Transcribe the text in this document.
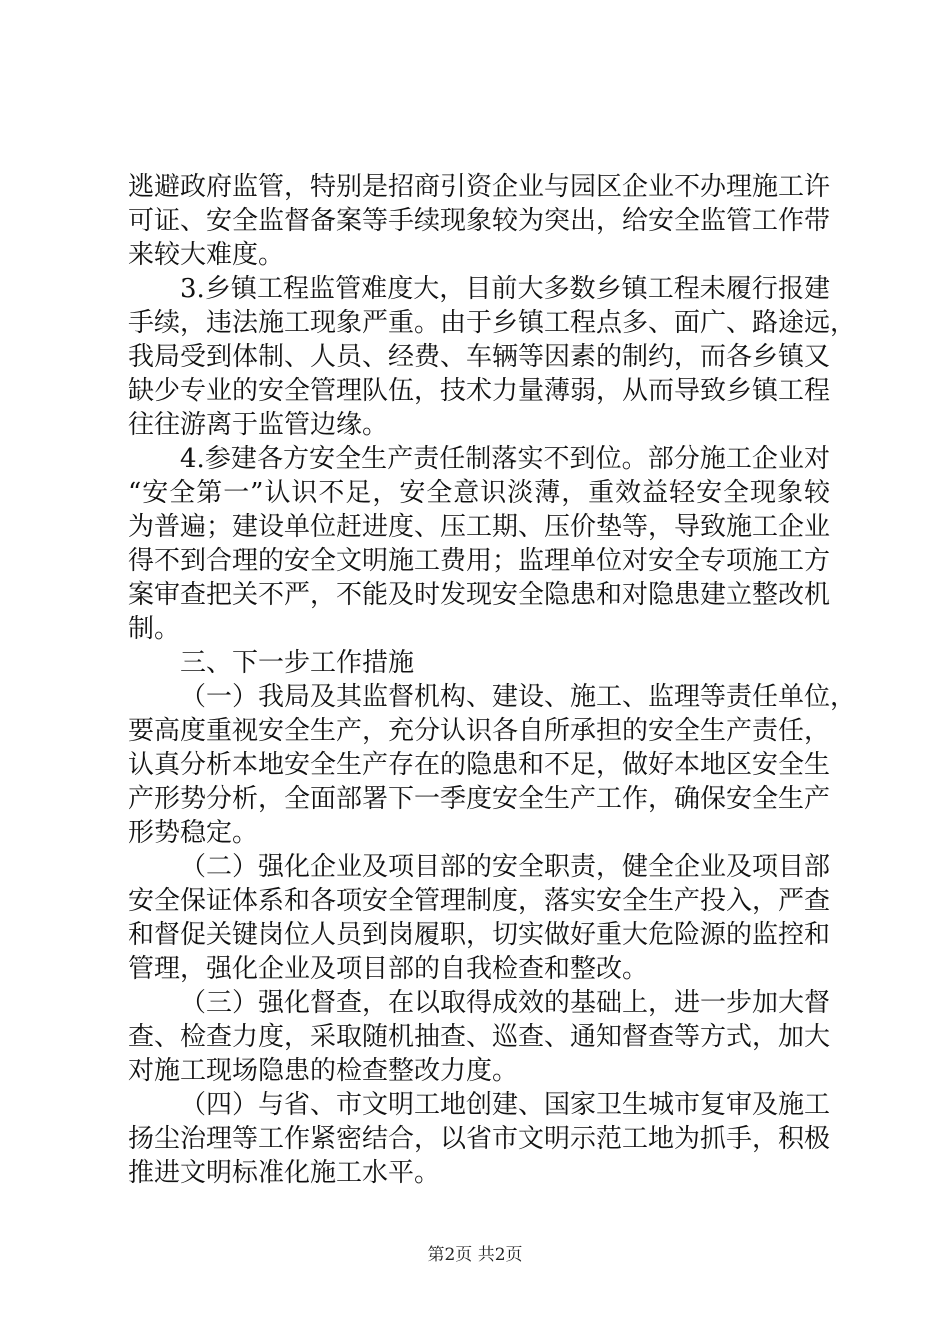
逃避政府监管，特别是招商引资企业与园区企业不办理施工许
可证、安全监督备案等手续现象较为突出，给安全监管工作带
来较大难度。
3.乡镇工程监管难度大，目前大多数乡镇工程未履行报建
手续，违法施工现象严重。由于乡镇工程点多、面广、路途远，
我局受到体制、人员、经费、车辆等因素的制约，而各乡镇又
缺少专业的安全管理队伍，技术力量薄弱，从而导致乡镇工程
往往游离于监管边缘。
4.参建各方安全生产责任制落实不到位。部分施工企业对
“安全第一”认识不足，安全意识淡薄，重效益轻安全现象较
为普遍；建设单位赶进度、压工期、压价垫等，导致施工企业
得不到合理的安全文明施工费用；监理单位对安全专项施工方
案审查把关不严，不能及时发现安全隐患和对隐患建立整改机
制。
三、下一步工作措施
（一）我局及其监督机构、建设、施工、监理等责任单位，
要高度重视安全生产，充分认识各自所承担的安全生产责任，
认真分析本地安全生产存在的隐患和不足，做好本地区安全生
产形势分析，全面部署下一季度安全生产工作，确保安全生产
形势稳定。
（二）强化企业及项目部的安全职责，健全企业及项目部
安全保证体系和各项安全管理制度，落实安全生产投入，严查
和督促关键岗位人员到岗履职，切实做好重大危险源的监控和
管理，强化企业及项目部的自我检查和整改。
（三）强化督查，在以取得成效的基础上，进一步加大督
查、检查力度，采取随机抽查、巡查、通知督查等方式，加大
对施工现场隐患的检查整改力度。
（四）与省、市文明工地创建、国家卫生城市复审及施工
扬尘治理等工作紧密结合，以省市文明示范工地为抓手，积极
推进文明标准化施工水平。
第2页 共2页
